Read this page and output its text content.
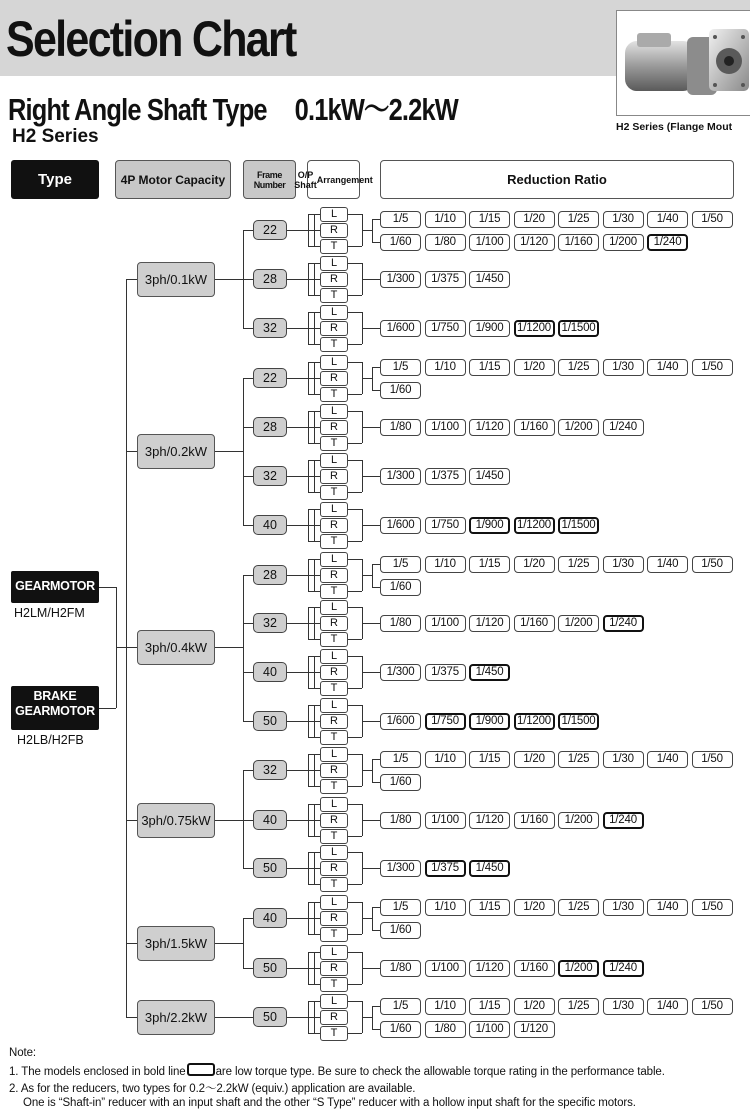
Selection Chart
Right Angle Shaft Type 0.1kW～2.2kW
H2 Series	H2 Series (Flange Mout
Type	4P Motor Capacity	Frame Number
O/P Shaft Arrangement	Reduction Ratio
GEARMOTOR
H2LM/H2FM
BRAKE
GEARMOTOR
H2LB/H2FB
3ph/0.1kW
22
L
R
T
1/5	1/10	1/15	1/20	1/25	1/30	1/40	1/50
1/60	1/80	1/100	1/120	1/160	1/200	1/240
28
L
R
T
1/300	1/375	1/450
32
L
R
T
1/600	1/750	1/900	1/1200 1/1500
3ph/0.2kW
22
L
R
T
1/5	1/10	1/15	1/20	1/25	1/30	1/40	1/50
1/60
28
L
R
T
1/80	1/100	1/120	1/160	1/200	1/240
32
L
R
T
1/300	1/375	1/450
40
L
R
T
1/600	1/750	1/900	1/1200 1/1500
3ph/0.4kW
28
L
R
T
1/5	1/10	1/15	1/20	1/25	1/30	1/40	1/50
1/60
32
L
R
T
1/80	1/100	1/120	1/160	1/200	1/240
40
L
R
T
1/300	1/375	1/450
50
L
R
T
1/600	1/750	1/900	1/1200 1/1500
3ph/0.75kW
32
L
R
T
1/5	1/10	1/15	1/20	1/25	1/30	1/40	1/50
1/60
40
L
R
T
1/80	1/100	1/120	1/160	1/200	1/240
50
L
R
T
1/300	1/375	1/450
3ph/1.5kW
40
L
R
T
1/5	1/10	1/15	1/20	1/25	1/30	1/40	1/50
1/60
50
L
R
T
1/80	1/100	1/120	1/160	1/200	1/240
3ph/2.2kW	50
L
R
T
1/5	1/10	1/15	1/20	1/25	1/30	1/40	1/50
1/60	1/80	1/100	1/120
Note:
1. The models enclosed in bold line	are low torque type. Be sure to check the allowable torque rating in the performance table.
2. As for the reducers, two types for 0.2～2.2kW (equiv.) application are available.
One is “Shaft-in” reducer with an input shaft and the other “S Type” reducer with a hollow input shaft for the specific motors.
